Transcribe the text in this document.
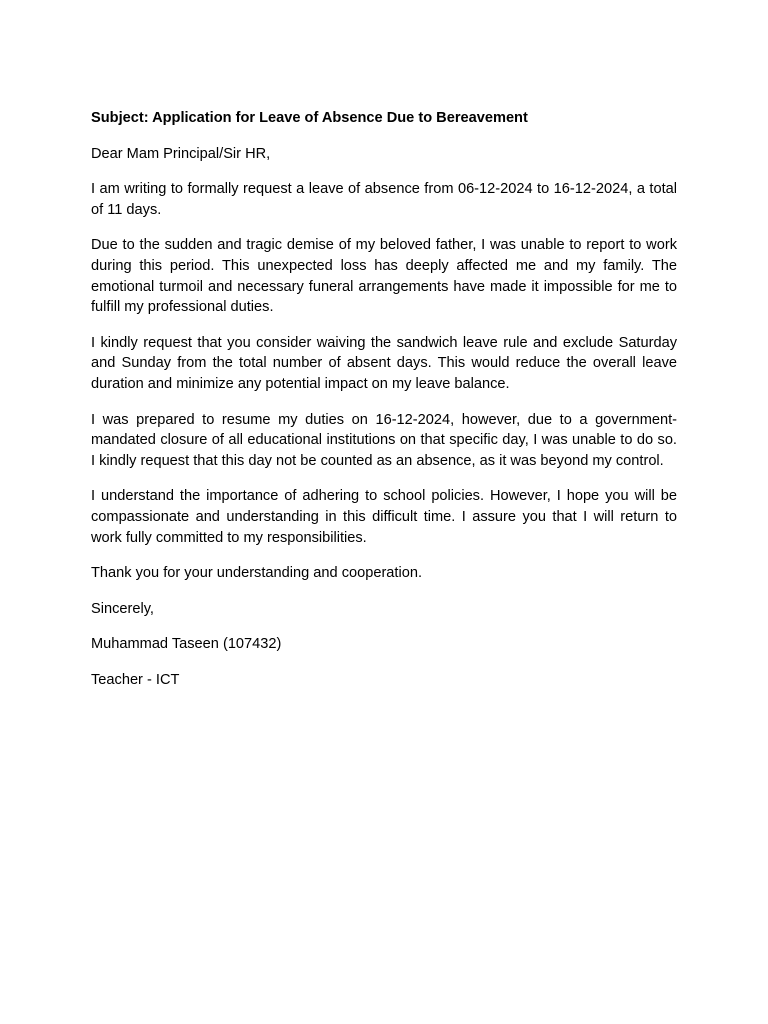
Subject: Application for Leave of Absence Due to Bereavement
Dear Mam Principal/Sir HR,
I am writing to formally request a leave of absence from 06-12-2024 to 16-12-2024, a total of 11 days.
Due to the sudden and tragic demise of my beloved father, I was unable to report to work during this period. This unexpected loss has deeply affected me and my family. The emotional turmoil and necessary funeral arrangements have made it impossible for me to fulfill my professional duties.
I kindly request that you consider waiving the sandwich leave rule and exclude Saturday and Sunday from the total number of absent days. This would reduce the overall leave duration and minimize any potential impact on my leave balance.
I was prepared to resume my duties on 16-12-2024, however, due to a government-mandated closure of all educational institutions on that specific day, I was unable to do so. I kindly request that this day not be counted as an absence, as it was beyond my control.
I understand the importance of adhering to school policies. However, I hope you will be compassionate and understanding in this difficult time. I assure you that I will return to work fully committed to my responsibilities.
Thank you for your understanding and cooperation.
Sincerely,
Muhammad Taseen (107432)
Teacher - ICT
